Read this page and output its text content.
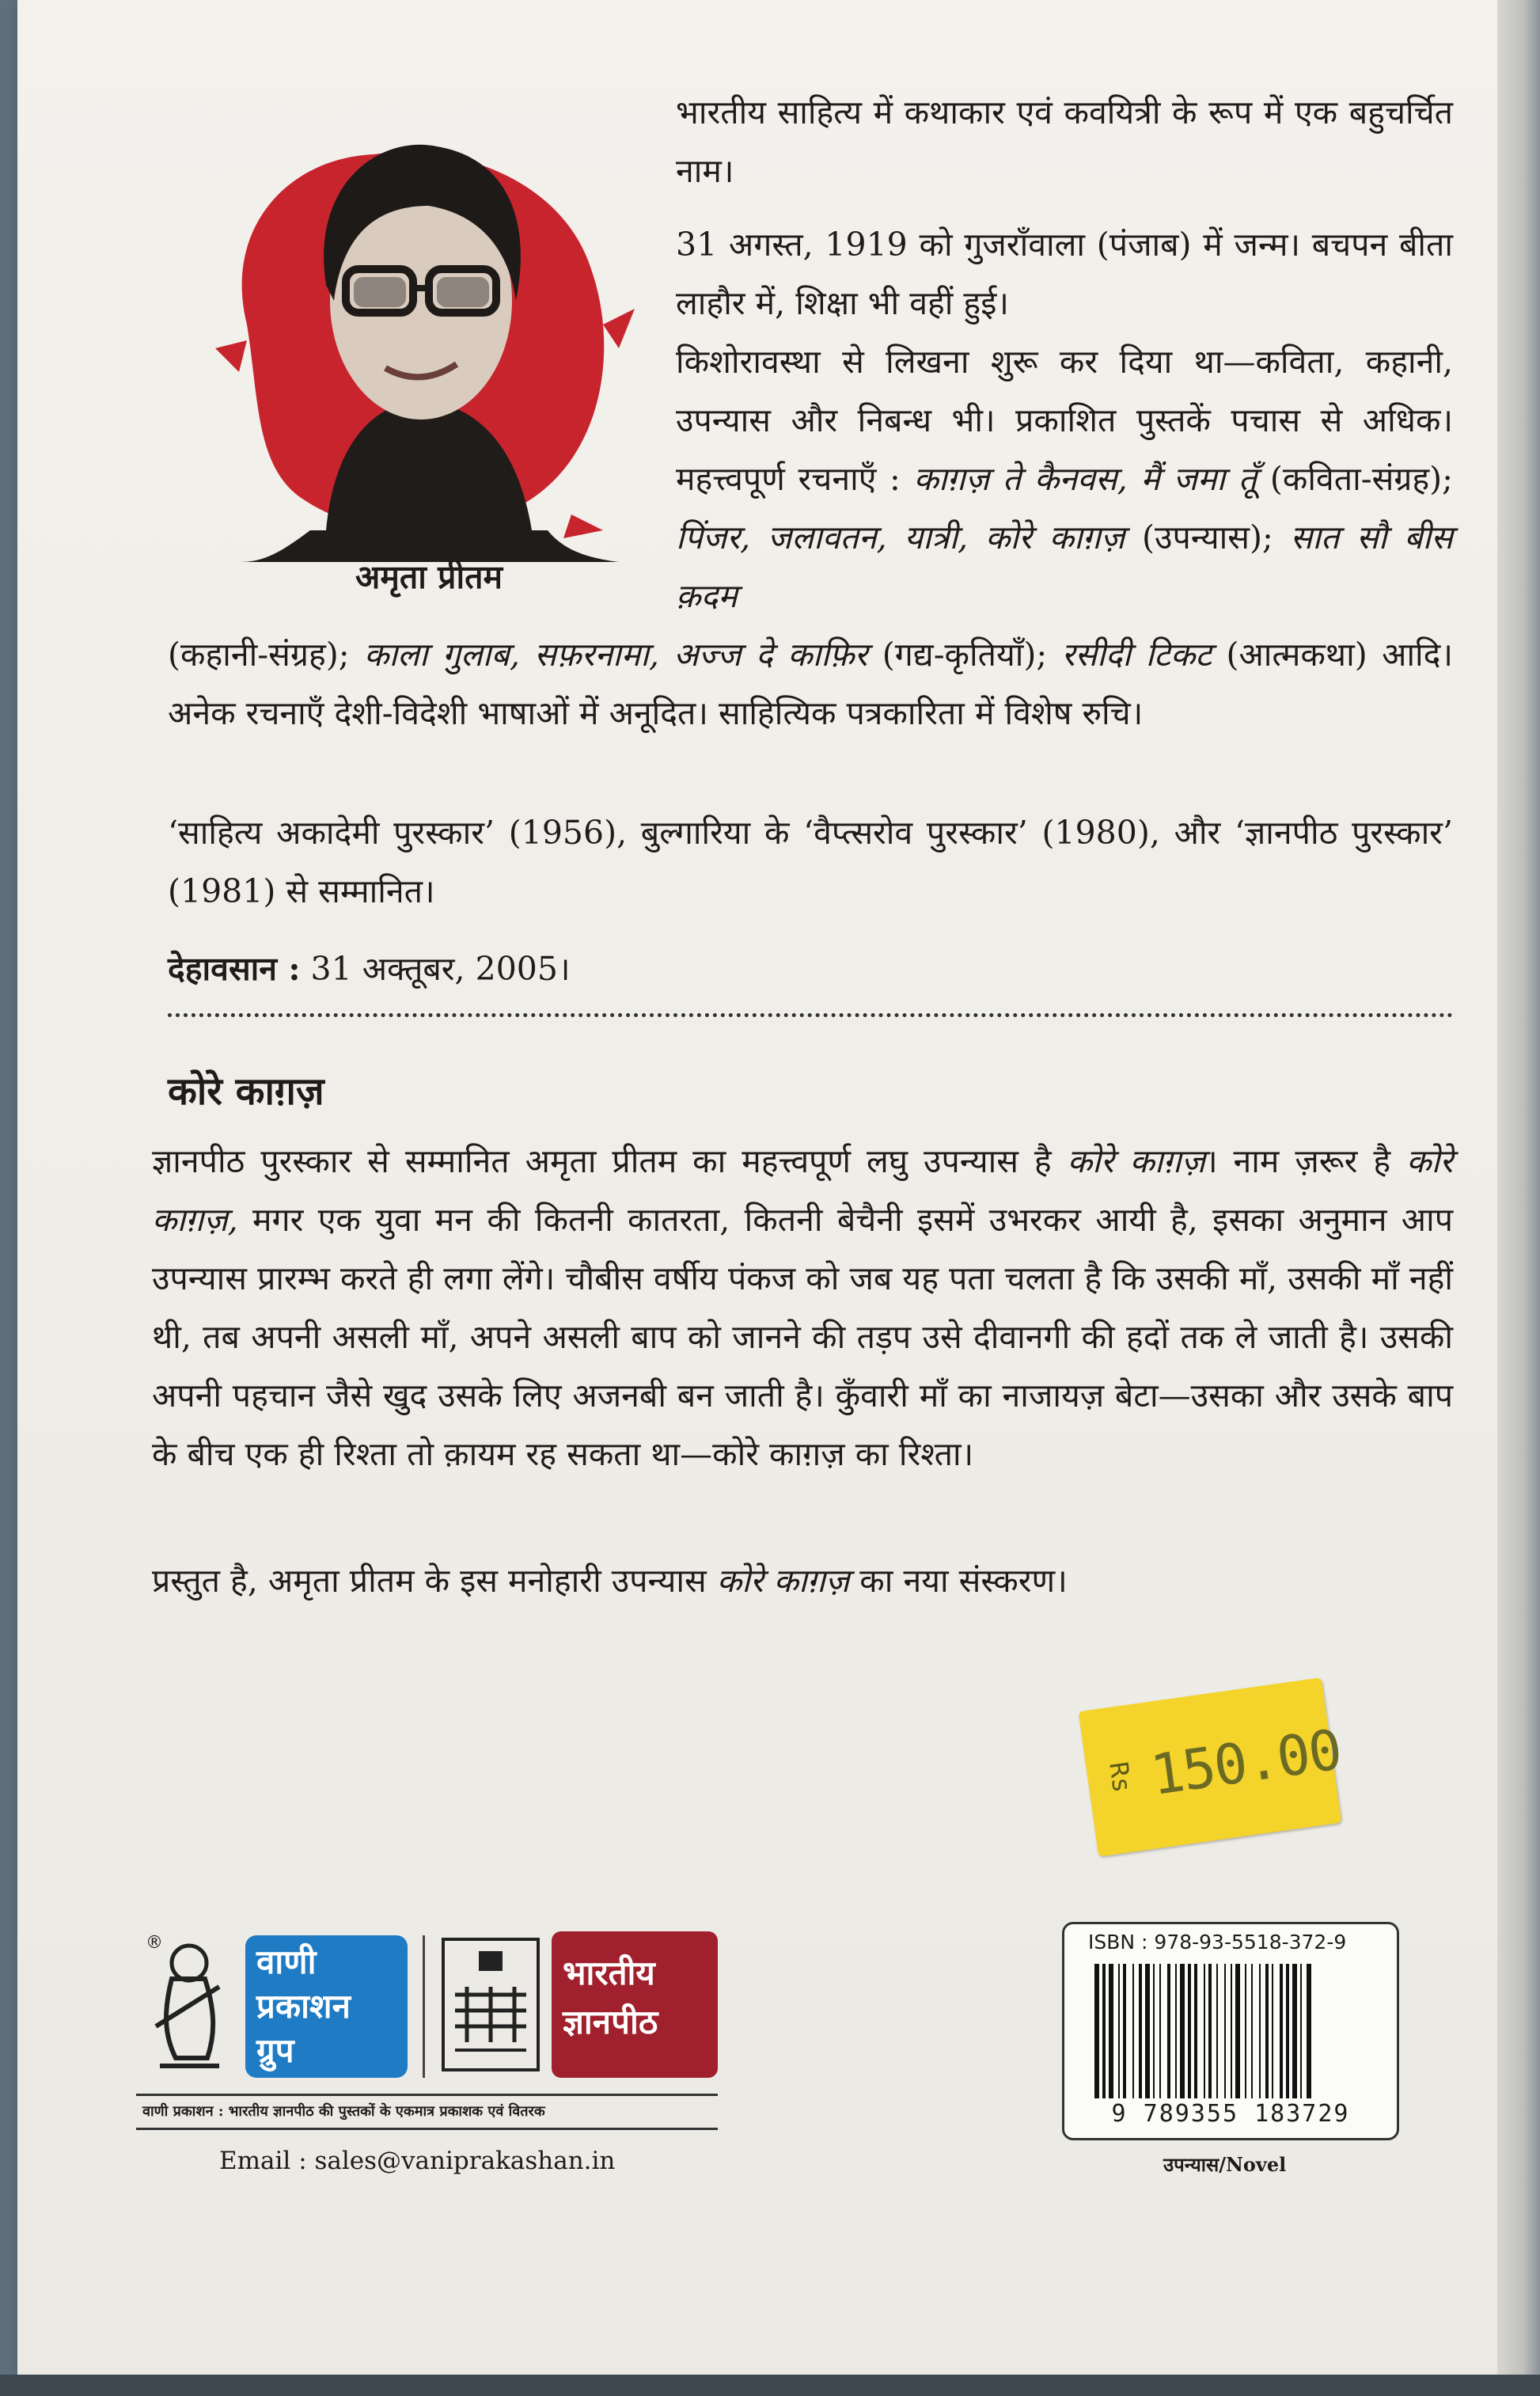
अमृता प्रीतम
भारतीय साहित्य में कथाकार एवं कवयित्री के रूप में एक बहुचर्चित नाम।
31 अगस्त, 1919 को गुजराँवाला (पंजाब) में जन्म। बचपन बीता लाहौर में, शिक्षा भी वहीं हुई।
किशोरावस्था से लिखना शुरू कर दिया था—कविता, कहानी, उपन्यास और निबन्ध भी। प्रकाशित पुस्तकें पचास से अधिक। महत्त्वपूर्ण रचनाएँ : काग़ज़ ते कैनवस, मैं जमा तूँ (कविता-संग्रह); पिंजर, जलावतन, यात्री, कोरे काग़ज़ (उपन्यास); सात सौ बीस क़दम
(कहानी-संग्रह); काला गुलाब, सफ़रनामा, अज्ज दे काफ़िर (गद्य-कृतियाँ); रसीदी टिकट (आत्मकथा) आदि। अनेक रचनाएँ देशी-विदेशी भाषाओं में अनूदित। साहित्यिक पत्रकारिता में विशेष रुचि।
‘साहित्य अकादेमी पुरस्कार’ (1956), बुल्गारिया के ‘वैप्त्सरोव पुरस्कार’ (1980), और ‘ज्ञानपीठ पुरस्कार’ (1981) से सम्मानित।
देहावसान : 31 अक्तूबर, 2005।
कोरे काग़ज़
ज्ञानपीठ पुरस्कार से सम्मानित अमृता प्रीतम का महत्त्वपूर्ण लघु उपन्यास है कोरे काग़ज़। नाम ज़रूर है कोरे काग़ज़, मगर एक युवा मन की कितनी कातरता, कितनी बेचैनी इसमें उभरकर आयी है, इसका अनुमान आप उपन्यास प्रारम्भ करते ही लगा लेंगे। चौबीस वर्षीय पंकज को जब यह पता चलता है कि उसकी माँ, उसकी माँ नहीं थी, तब अपनी असली माँ, अपने असली बाप को जानने की तड़प उसे दीवानगी की हदों तक ले जाती है। उसकी अपनी पहचान जैसे खुद उसके लिए अजनबी बन जाती है। कुँवारी माँ का नाजायज़ बेटा—उसका और उसके बाप के बीच एक ही रिश्ता तो क़ायम रह सकता था—कोरे काग़ज़ का रिश्ता।
प्रस्तुत है, अमृता प्रीतम के इस मनोहारी उपन्यास कोरे काग़ज़ का नया संस्करण।
Rs 150.00
®	वाणी
प्रकाशन
ग्रुप
भारतीय
ज्ञानपीठ
वाणी प्रकाशन : भारतीय ज्ञानपीठ की पुस्तकों के एकमात्र प्रकाशक एवं वितरक
Email : sales@vaniprakashan.in
ISBN : 978-93-5518-372-9
9 789355 183729
उपन्यास/Novel
